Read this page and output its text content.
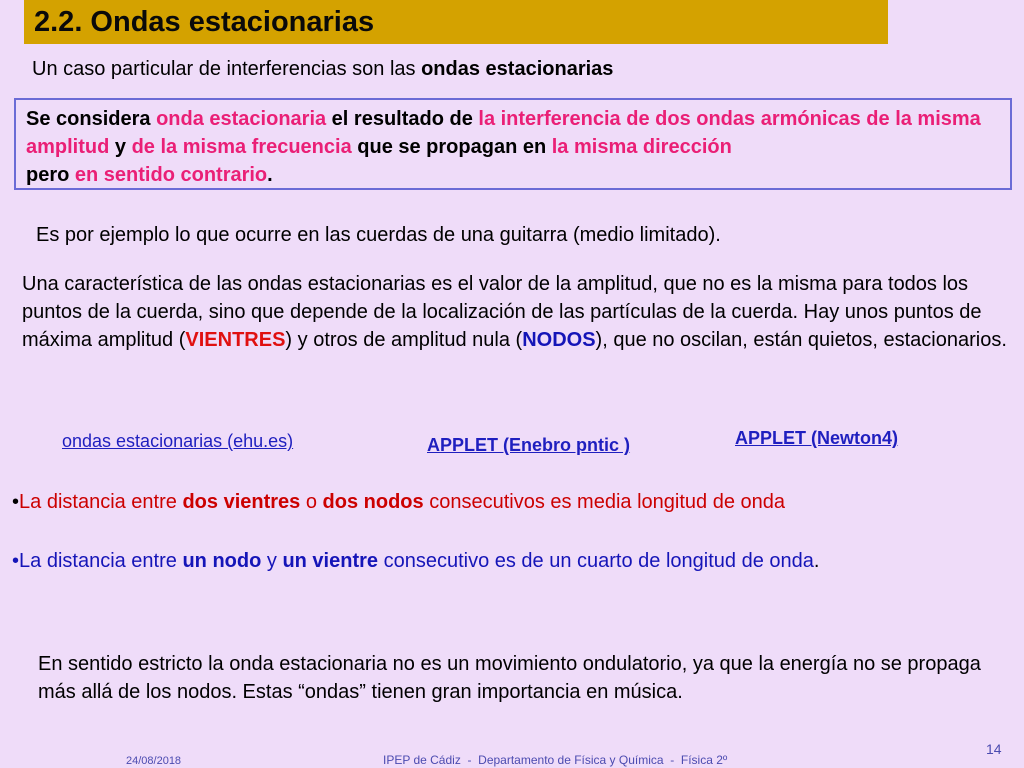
2.2. Ondas estacionarias
Un caso particular de interferencias son las ondas estacionarias
Se considera onda estacionaria el resultado de la interferencia de dos ondas armónicas de la misma amplitud y de la misma frecuencia que se propagan en la misma dirección
pero en sentido contrario.
Es por ejemplo lo que ocurre en las cuerdas de una guitarra (medio limitado).
Una característica de las ondas estacionarias es el valor de la amplitud, que no es la misma para todos los puntos de la cuerda, sino que depende de la localización de las partículas de la cuerda. Hay unos puntos de máxima amplitud (VIENTRES) y otros de amplitud nula (NODOS), que no oscilan, están quietos, estacionarios.
ondas estacionarias (ehu.es)	APPLET (Enebro pntic )	APPLET (Newton4)
•La distancia entre dos vientres o dos nodos consecutivos es media longitud de onda
•La distancia entre un nodo y un vientre consecutivo es de un cuarto de longitud de onda.
En sentido estricto la onda estacionaria no es un movimiento ondulatorio, ya que la energía no se propaga más allá de los nodos. Estas “ondas” tienen gran importancia en música.
24/08/2018	IPEP de Cádiz  -  Departamento de Física y Química  -  Física 2º
14
